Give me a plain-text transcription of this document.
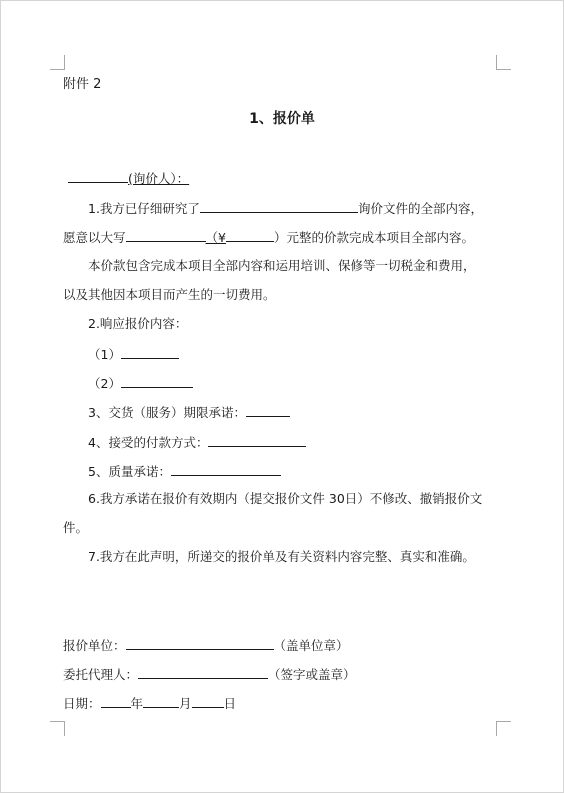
附件 2
1、报价单
(询价人）：
1.我方已仔细研究了	询价文件的全部内容，
愿意以大写	（¥	）元整的价款完成本项目全部内容。
本价款包含完成本项目全部内容和运用培训、保修等一切税金和费用，
以及其他因本项目而产生的一切费用。
2.响应报价内容：
（1）
（2）
3、交货（服务）期限承诺：
4、接受的付款方式：
5、质量承诺：
6.我方承诺在报价有效期内（提交报价文件 30日）不修改、撤销报价文
件。
7.我方在此声明，所递交的报价单及有关资料内容完整、真实和准确。
报价单位：	（盖单位章）
委托代理人：	（签字或盖章）
日期： 年	月	日
